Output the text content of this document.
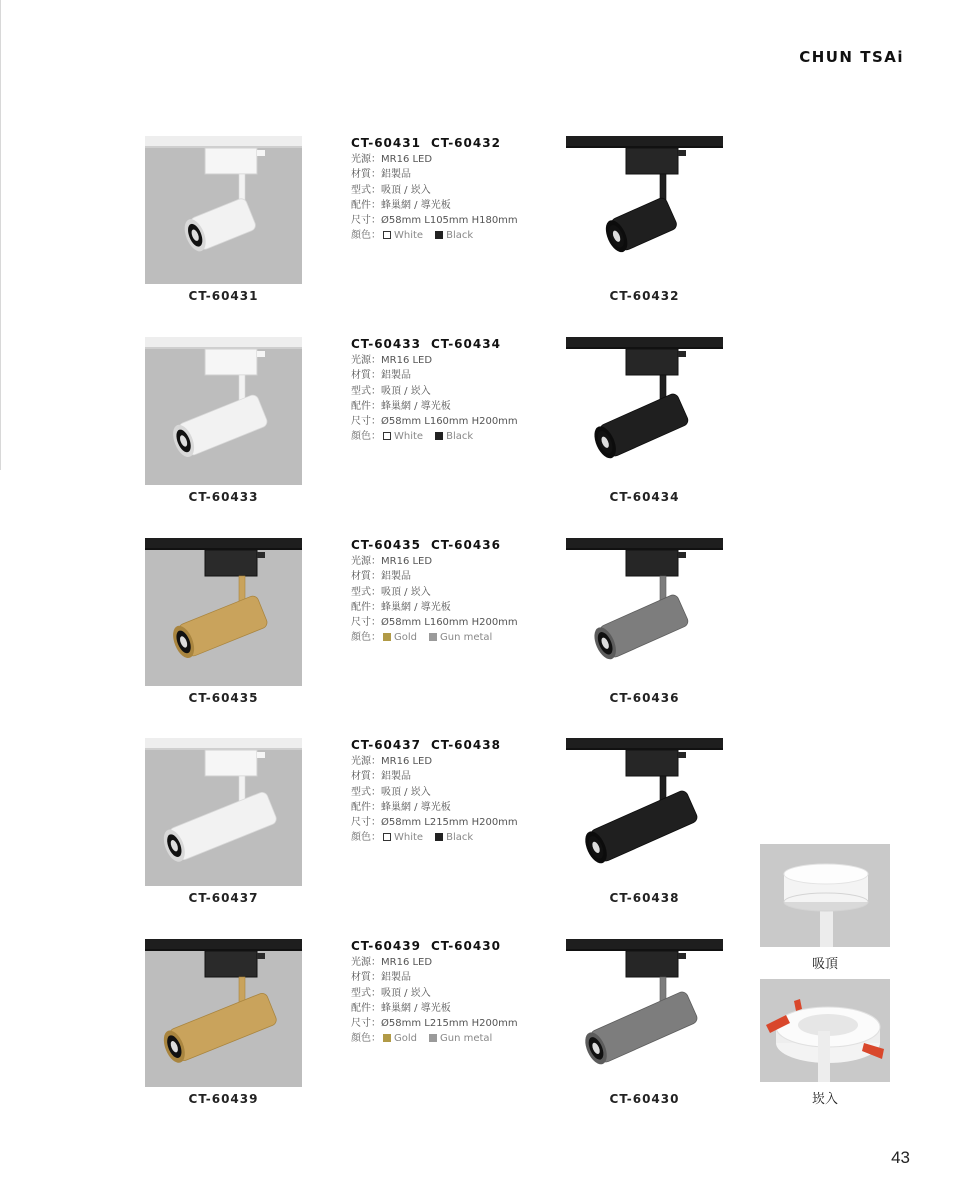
CHUN TSAi
CT-60431
CT-60431 CT-60432
光源：MR16 LED
材質：鋁製品
型式：吸頂 / 崁入
配件：蜂巢網 / 導光板
尺寸：Ø58mm L105mm H180mm
顏色： White Black
CT-60432
CT-60433
CT-60433 CT-60434
光源：MR16 LED
材質：鋁製品
型式：吸頂 / 崁入
配件：蜂巢網 / 導光板
尺寸：Ø58mm L160mm H200mm
顏色： White Black
CT-60434
CT-60435
CT-60435 CT-60436
光源：MR16 LED
材質：鋁製品
型式：吸頂 / 崁入
配件：蜂巢網 / 導光板
尺寸：Ø58mm L160mm H200mm
顏色： Gold Gun metal
CT-60436
CT-60437
CT-60437 CT-60438
光源：MR16 LED
材質：鋁製品
型式：吸頂 / 崁入
配件：蜂巢網 / 導光板
尺寸：Ø58mm L215mm H200mm
顏色： White Black
CT-60438
CT-60439
CT-60439 CT-60430
光源：MR16 LED
材質：鋁製品
型式：吸頂 / 崁入
配件：蜂巢網 / 導光板
尺寸：Ø58mm L215mm H200mm
顏色： Gold Gun metal
CT-60430
吸頂
崁入
43
